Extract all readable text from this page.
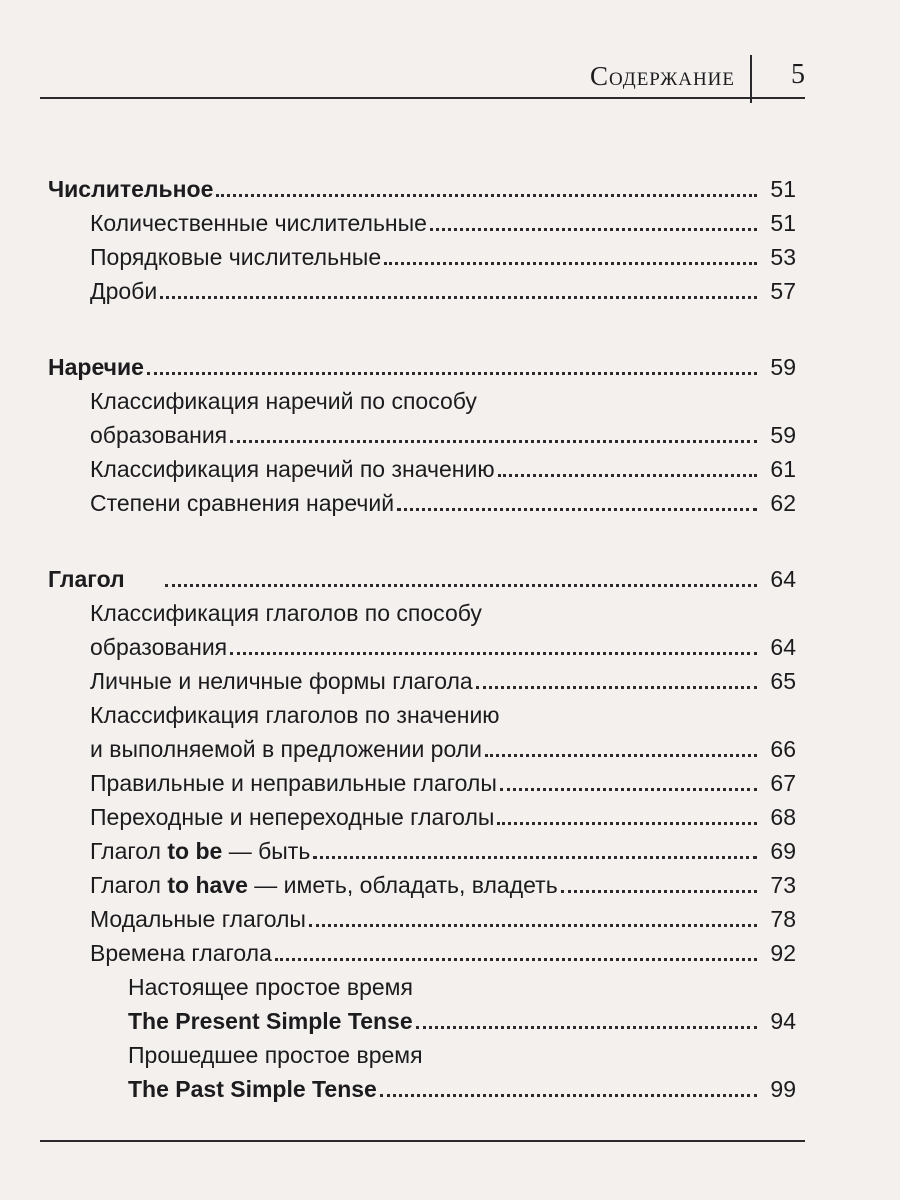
Содержание	5
Числительное	51
Количественные числительные	51
Порядковые числительные	53
Дроби	57
Наречие	59
Классификация наречий по способу
образования	59
Классификация наречий по значению	61
Степени сравнения наречий	62
Глагол	64
Классификация глаголов по способу
образования	64
Личные и неличные формы глагола	65
Классификация глаголов по значению
и выполняемой в предложении роли	66
Правильные и неправильные глаголы	67
Переходные и непереходные глаголы	68
Глагол to be — быть	69
Глагол to have — иметь, обладать, владеть	73
Модальные глаголы	78
Времена глагола	92
Настоящее простое время
The Present Simple Tense	94
Прошедшее простое время
The Past Simple Tense	99
